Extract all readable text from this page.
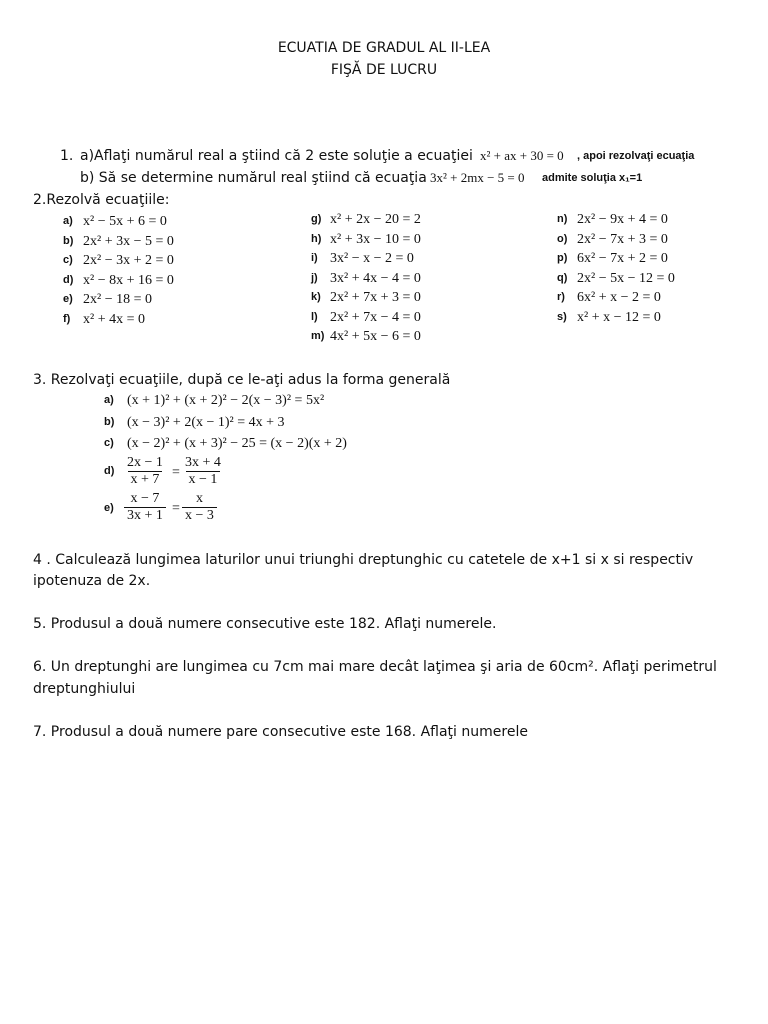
ECUATIA DE GRADUL AL II-LEA
FIŞĂ DE LUCRU
1. a)Aflaţi numărul real a ştiind că 2 este soluţie a ecuaţiei x² + ax + 30 = 0 , apoi rezolvaţi ecuaţia
b) Să se determine numărul real ştiind că ecuaţia 3x² + 2mx − 5 = 0 admite soluţia x₁=1
2.Rezolvă ecuaţiile:
a) x² − 5x + 6 = 0
b) 2x² + 3x − 5 = 0
c) 2x² − 3x + 2 = 0
d) x² − 8x + 16 = 0
e) 2x² − 18 = 0
f) x² + 4x = 0
g) x² + 2x − 20 = 2
h) x² + 3x − 10 = 0
i) 3x² − x − 2 = 0
j) 3x² + 4x − 4 = 0
k) 2x² + 7x + 3 = 0
l) 2x² + 7x − 4 = 0
m) 4x² + 5x − 6 = 0
n) 2x² − 9x + 4 = 0
o) 2x² − 7x + 3 = 0
p) 6x² − 7x + 2 = 0
q) 2x² − 5x − 12 = 0
r) 6x² + x − 2 = 0
s) x² + x − 12 = 0
3. Rezolvaţi ecuaţiile, după ce le-aţi adus la forma generală
a) (x + 1)² + (x + 2)² − 2(x − 3)² = 5x²
b) (x − 3)² + 2(x − 1)² = 4x + 3
c) (x − 2)² + (x + 3)² − 25 = (x − 2)(x + 2)
$d) \frac{2x - 1}{x + 7} = \frac{3x + 4}{x - 1}$
$e) \frac{x - 7}{3x + 1} = \frac{x}{x - 3}$
4 . Calculează lungimea laturilor unui triunghi dreptunghic cu catetele de x+1 si x si respectiv
ipotenuza de 2x.
5. Produsul a două numere consecutive este 182. Aflaţi numerele.
6. Un dreptunghi are lungimea cu 7cm mai mare decât laţimea şi aria de 60cm². Aflaţi perimetrul
dreptunghiului
7. Produsul a două numere pare consecutive este 168. Aflaţi numerele
